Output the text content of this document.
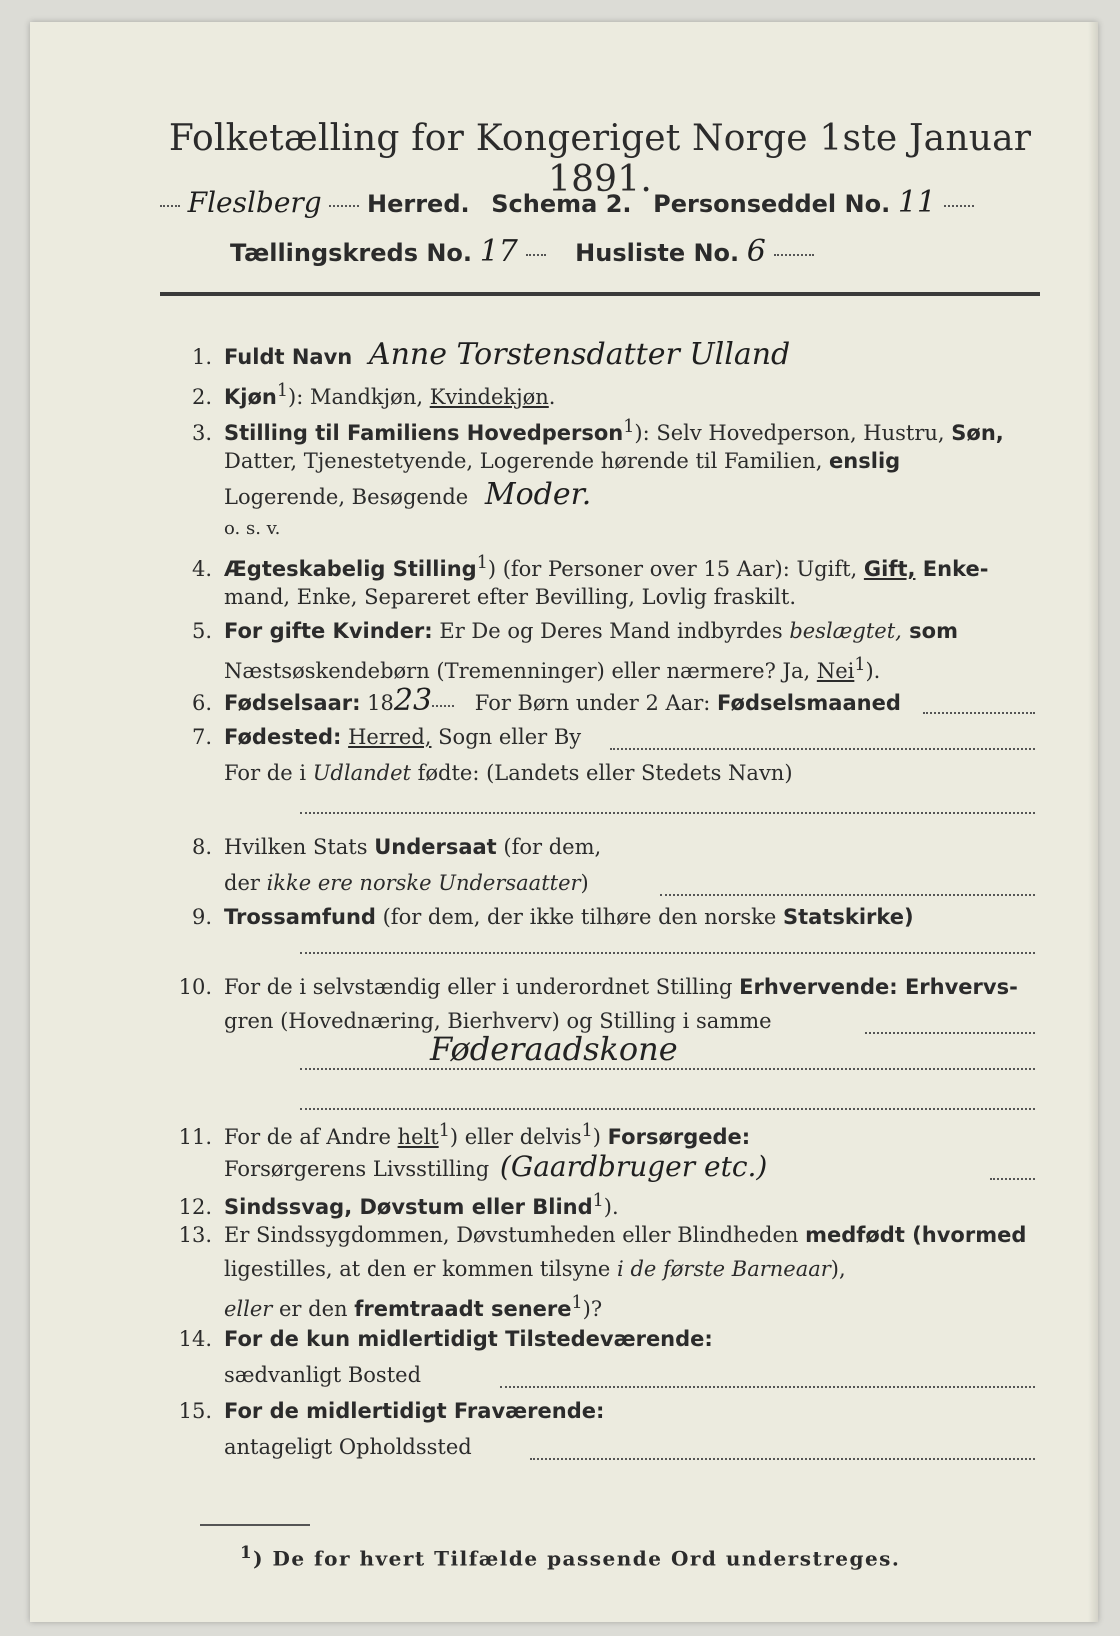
Folketælling for Kongeriget Norge 1ste Januar 1891.
Fleslberg Herred. Schema 2. Personseddel No. 11
Tællingskreds No. 17 Husliste No. 6
1. Fuldt Navn Anne Torstensdatter Ulland
2. Kjøn$^1$): Mandkjøn, Kvindekjøn.
3. Stilling til Familiens Hovedperson$^1$): Selv Hovedperson, Hustru, Søn,
Datter, Tjenestetyende, Logerende hørende til Familien, enslig
Logerende, Besøgende Moder.
o. s. v.
4. Ægteskabelig Stilling$^1$) (for Personer over 15 Aar): Ugift, Gift, Enke-
mand, Enke, Separeret efter Bevilling, Lovlig fraskilt.
5. For gifte Kvinder: Er De og Deres Mand indbyrdes beslægtet, som
Næstsøskendebørn (Tremenninger) eller nærmere? Ja, Nei$^1$).
6. Fødselsaar: 1823 For Børn under 2 Aar: Fødselsmaaned
7. Fødested: Herred, Sogn eller By
For de i Udlandet fødte: (Landets eller Stedets Navn)
8. Hvilken Stats Undersaat (for dem,
der ikke ere norske Undersaatter)
9. Trossamfund (for dem, der ikke tilhøre den norske Statskirke)
10. For de i selvstændig eller i underordnet Stilling Erhvervende: Erhvervs-
gren (Hovednæring, Bierhverv) og Stilling i samme
Føderaadskone
11. For de af Andre helt$^1$) eller delvis$^1$) Forsørgede:
Forsørgerens Livsstilling (Gaardbruger etc.)
12. Sindssvag, Døvstum eller Blind$^1$).
13. Er Sindssygdommen, Døvstumheden eller Blindheden medfødt (hvormed
ligestilles, at den er kommen tilsyne i de første Barneaar),
eller er den fremtraadt senere$^1$)?
14. For de kun midlertidigt Tilstedeværende:
sædvanligt Bosted
15. For de midlertidigt Fraværende:
antageligt Opholdssted
$^1$) De for hvert Tilfælde passende Ord understreges.
